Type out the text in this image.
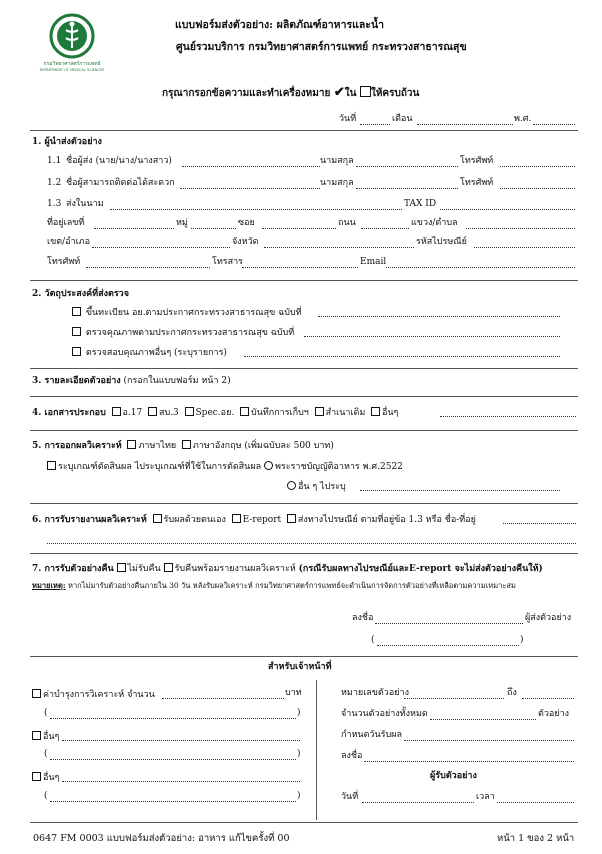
กรมวิทยาศาสตร์การแพทย์
DEPARTMENT OF MEDICAL SCIENCES
แบบฟอร์มส่งตัวอย่าง: ผลิตภัณฑ์อาหารและน้ำ
ศูนย์รวมบริการ กรมวิทยาศาสตร์การแพทย์ กระทรวงสาธารณสุข
กรุณากรอกข้อความและทำเครื่องหมาย ✔ใน ให้ครบถ้วน
วันที่	เดือน	พ.ศ.
1. ผู้นำส่งตัวอย่าง
1.1 ชื่อผู้ส่ง (นาย/นาง/นางสาว)	นามสกุล	โทรศัพท์
1.2 ชื่อผู้สามารถติดต่อได้สะดวก	นามสกุล	โทรศัพท์
1.3 ส่งในนาม	TAX ID
ที่อยู่เลขที่	หมู่	ซอย	ถนน	แขวง/ตำบล
เขต/อำเภอ	จังหวัด	รหัสไปรษณีย์
โทรศัพท์	โทรสาร	Email
2. วัตถุประสงค์ที่ส่งตรวจ
ขึ้นทะเบียน อย.ตามประกาศกระทรวงสาธารณสุข ฉบับที่
ตรวจคุณภาพตามประกาศกระทรวงสาธารณสุข ฉบับที่
ตรวจสอบคุณภาพอื่นๆ (ระบุรายการ)
3. รายละเอียดตัวอย่าง (กรอกในแบบฟอร์ม หน้า 2)
4. เอกสารประกอบ อ.17 สบ.3 Spec.อย. บันทึกการเก็บฯ สำเนาเดิม อื่นๆ
5. การออกผลวิเคราะห์ ภาษาไทย ภาษาอังกฤษ (เพิ่มฉบับละ 500 บาท)
ระบุเกณฑ์ตัดสินผล ไประบุเกณฑ์ที่ใช้ในการตัดสินผล พระราชบัญญัติอาหาร พ.ศ.2522
อื่น ๆ ไประบุ
6. การรับรายงานผลวิเคราะห์ รับผลด้วยตนเอง E-report ส่งทางไปรษณีย์ ตามที่อยู่ข้อ 1.3 หรือ ชื่อ-ที่อยู่
7. การรับตัวอย่างคืน ไม่รับคืน รับคืนพร้อมรายงานผลวิเคราะห์ (กรณีรับผลทางไปรษณีย์และE-report จะไม่ส่งตัวอย่างคืนให้)
หมายเหตุ: หากไม่มารับตัวอย่างคืนภายใน 30 วัน หลังรับผลวิเคราะห์ กรมวิทยาศาสตร์การแพทย์จะดำเนินการจัดการตัวอย่างที่เหลือตามความเหมาะสม
ลงชื่อ	ผู้ส่งตัวอย่าง
(	)
สำหรับเจ้าหน้าที่
ค่าบำรุงการวิเคราะห์ จำนวน	บาท
(	)
อื่นๆ
(	)
อื่นๆ
(	)
หมายเลขตัวอย่าง	ถึง
จำนวนตัวอย่างทั้งหมด	ตัวอย่าง
กำหนดวันรับผล
ลงชื่อ
ผู้รับตัวอย่าง
วันที่	เวลา
0647 FM 0003 แบบฟอร์มส่งตัวอย่าง: อาหาร แก้ไขครั้งที่ 00	หน้า 1 ของ 2 หน้า
